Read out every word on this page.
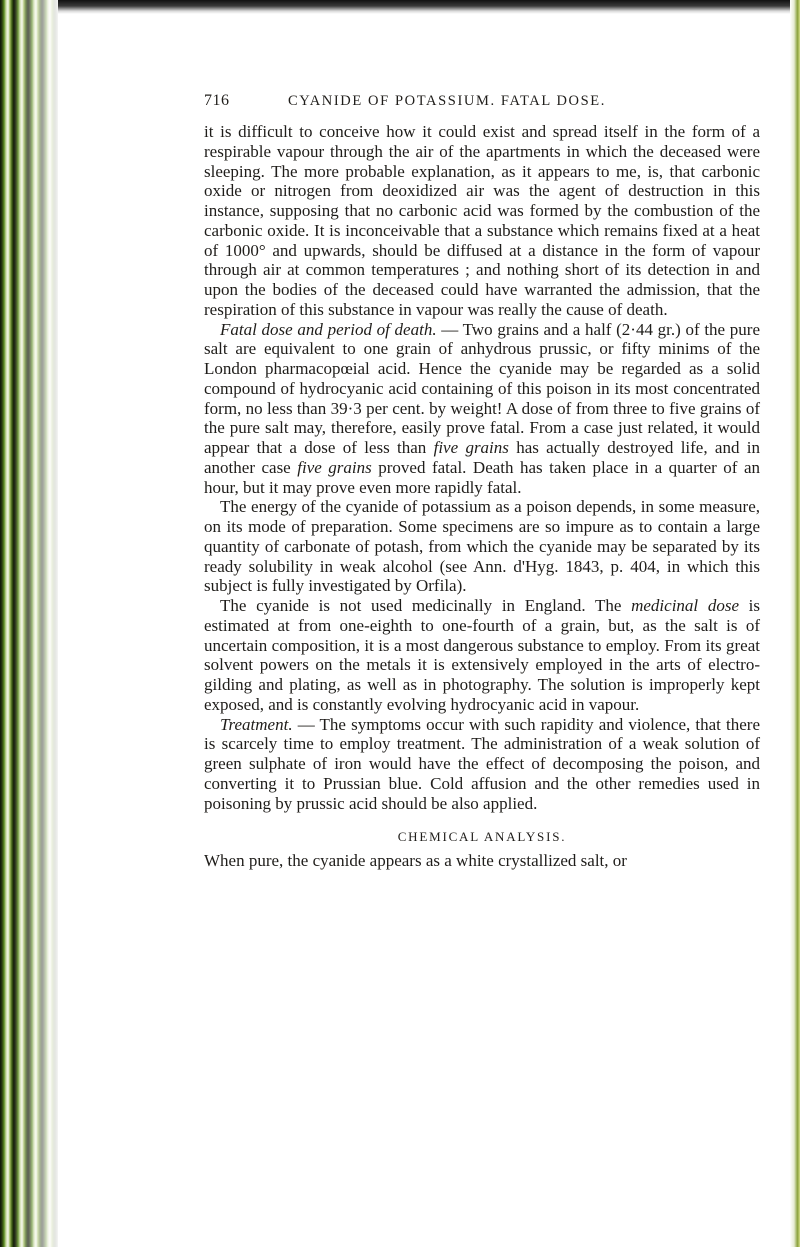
716	CYANIDE OF POTASSIUM. FATAL DOSE.

it is difficult to conceive how it could exist and spread itself in the form of a respirable vapour through the air of the apartments in which the deceased were sleeping. The more probable explanation, as it appears to me, is, that carbonic oxide or nitrogen from deoxidized air was the agent of destruction in this instance, supposing that no carbonic acid was formed by the combustion of the carbonic oxide. It is inconceivable that a substance which remains fixed at a heat of 1000° and upwards, should be diffused at a distance in the form of vapour through air at common temperatures ; and nothing short of its detection in and upon the bodies of the deceased could have warranted the admission, that the respiration of this substance in vapour was really the cause of death.

Fatal dose and period of death. — Two grains and a half (2·44 gr.) of the pure salt are equivalent to one grain of anhydrous prussic, or fifty minims of the London pharmacopœial acid. Hence the cyanide may be regarded as a solid compound of hydrocyanic acid containing of this poison in its most concentrated form, no less than 39·3 per cent. by weight! A dose of from three to five grains of the pure salt may, therefore, easily prove fatal. From a case just related, it would appear that a dose of less than five grains has actually destroyed life, and in another case five grains proved fatal. Death has taken place in a quarter of an hour, but it may prove even more rapidly fatal.

The energy of the cyanide of potassium as a poison depends, in some measure, on its mode of preparation. Some specimens are so impure as to contain a large quantity of carbonate of potash, from which the cyanide may be separated by its ready solubility in weak alcohol (see Ann. d'Hyg. 1843, p. 404, in which this subject is fully investigated by Orfila).

The cyanide is not used medicinally in England. The medicinal dose is estimated at from one-eighth to one-fourth of a grain, but, as the salt is of uncertain composition, it is a most dangerous substance to employ. From its great solvent powers on the metals it is extensively employed in the arts of electro-gilding and plating, as well as in photography. The solution is improperly kept exposed, and is constantly evolving hydrocyanic acid in vapour.

Treatment. — The symptoms occur with such rapidity and violence, that there is scarcely time to employ treatment. The administration of a weak solution of green sulphate of iron would have the effect of decomposing the poison, and converting it to Prussian blue. Cold affusion and the other remedies used in poisoning by prussic acid should be also applied.

CHEMICAL ANALYSIS.

When pure, the cyanide appears as a white crystallized salt, or
